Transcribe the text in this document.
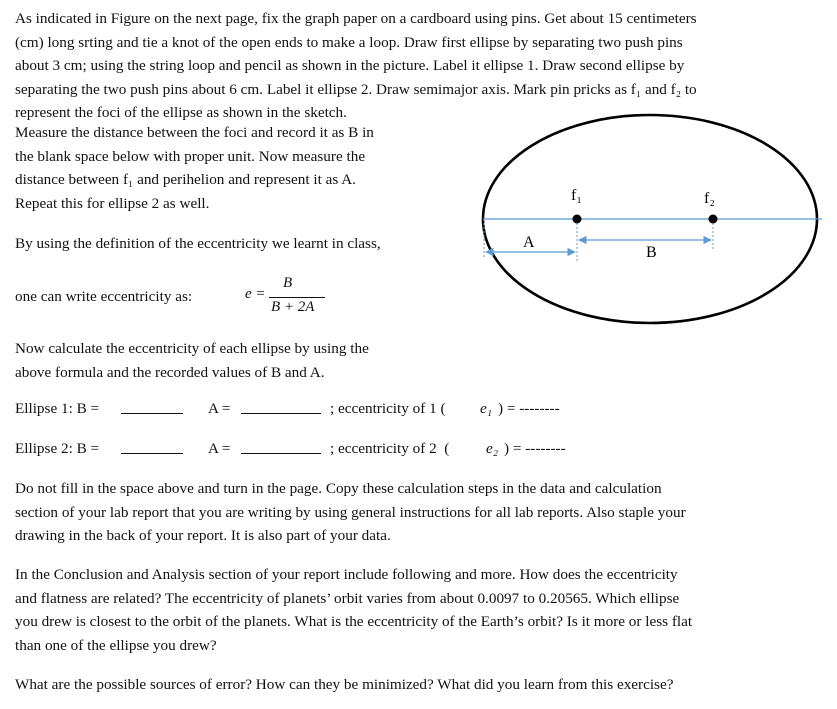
As indicated in Figure on the next page, fix the graph paper on a cardboard using pins. Get about 15 centimeters
(cm) long srting and tie a knot of the open ends to make a loop. Draw first ellipse by separating two push pins
about 3 cm; using the string loop and pencil as shown in the picture. Label it ellipse 1. Draw second ellipse by
separating the two push pins about 6 cm. Label it ellipse 2. Draw semimajor axis. Mark pin pricks as f₁ and f₂ to
represent the foci of the ellipse as shown in the sketch.
Measure the distance between the foci and record it as B in
the blank space below with proper unit. Now measure the
distance between f₁ and perihelion and represent it as A.
Repeat this for ellipse 2 as well.
By using the definition of the eccentricity we learnt in class,
one can write eccentricity as:	e =
B
B + 2A
Now calculate the eccentricity of each ellipse by using the
above formula and the recorded values of B and A.

Ellipse 1: B =

	A =

	; eccentricity of 1 (

e₁

) = --------

Ellipse 2: B =

	A =

	; eccentricity of 2  (

e₂

) = --------

Do not fill in the space above and turn in the page. Copy these calculation steps in the data and calculation
section of your lab report that you are writing by using general instructions for all lab reports. Also staple your
drawing in the back of your report. It is also part of your data.
In the Conclusion and Analysis section of your report include following and more. How does the eccentricity
and flatness are related? The eccentricity of planets’ orbit varies from about 0.0097 to 0.20565. Which ellipse
you drew is closest to the orbit of the planets. What is the eccentricity of the Earth’s orbit? Is it more or less flat
than one of the ellipse you drew?
What are the possible sources of error? How can they be minimized? What did you learn from this exercise?
f₁	f₂
A
B
